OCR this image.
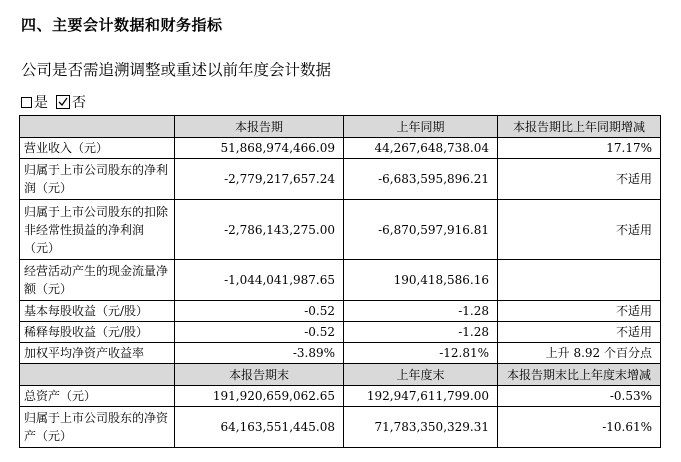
四、主要会计数据和财务指标
公司是否需追溯调整或重述以前年度会计数据
是 否
	本报告期	上年同期	本报告期比上年同期增减
营业收入（元）	51,868,974,466.09	44,267,648,738.04	17.17%
归属于上市公司股东的净利润（元）	-2,779,217,657.24	-6,683,595,896.21	不适用
归属于上市公司股东的扣除非经常性损益的净利润（元）	-2,786,143,275.00	-6,870,597,916.81	不适用
经营活动产生的现金流量净额（元）	-1,044,041,987.65	190,418,586.16	
基本每股收益（元/股）	-0.52	-1.28	不适用
稀释每股收益（元/股）	-0.52	-1.28	不适用
加权平均净资产收益率	-3.89%	-12.81%	上升 8.92 个百分点
	本报告期末	上年度末	本报告期末比上年度末增减
总资产（元）	191,920,659,062.65	192,947,611,799.00	-0.53%
归属于上市公司股东的净资产（元）	64,163,551,445.08	71,783,350,329.31	-10.61%
